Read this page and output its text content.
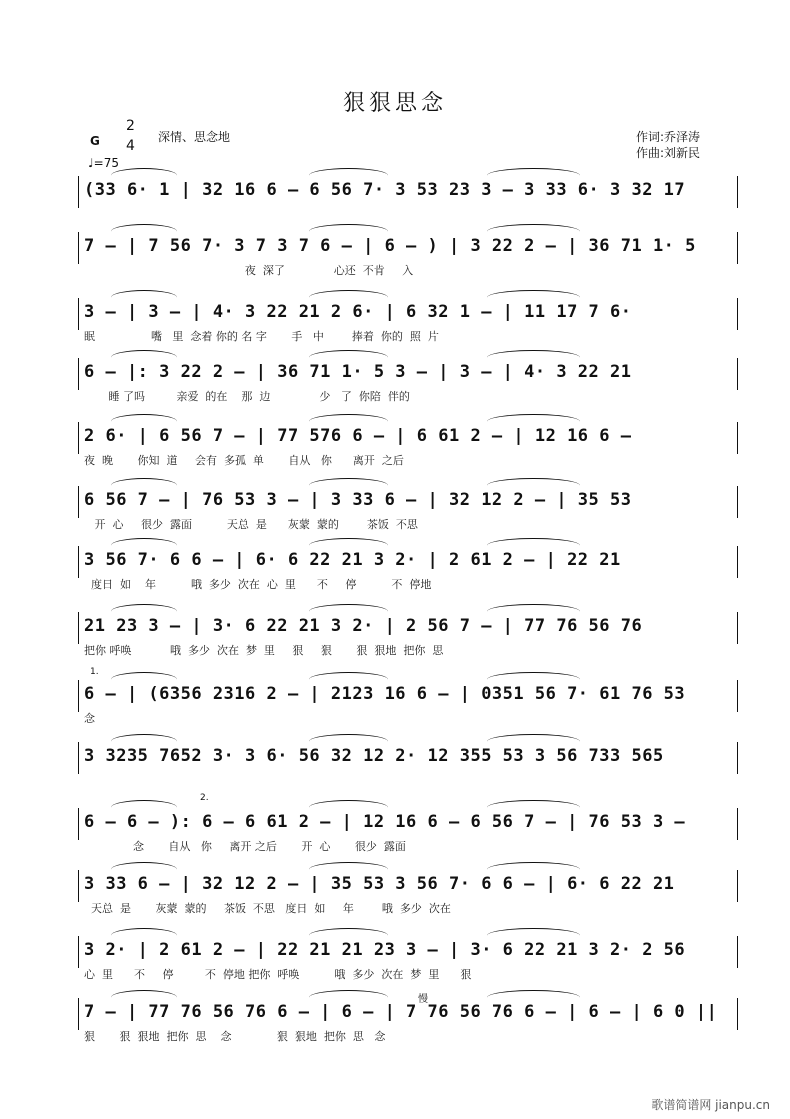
狠狠思念
G
2
4
♩=75
深情、思念地	作词:乔泽涛
作曲:刘新民
(33 6· 1 | 32 16 6 – 6 56 7· 3 53 23 3 – 3 33 6· 3 32 17
7 – | 7 56 7· 3 7 3 7 6 – | 6 – ) | 3 22 2 – | 36 71 1· 5
夜  深了              心还  不肯     入
3 – | 3 – | 4· 3 22 21 2 6· | 6 32 1 – | 11 17 7 6·
眠                嘴   里  念着 你的 名 字       手   中        捧着  你的  照  片
6 – |: 3 22 2 – | 36 71 1· 5 3 – | 3 – | 4· 3 22 21
睡 了吗         亲爱  的在    那  边              少   了  你陪  伴的
2 6· | 6 56 7 – | 77 576 6 – | 6 61 2 – | 12 16 6 –
夜  晚       你知  道     会有  多孤  单       自从   你      离开  之后
6 56 7 – | 76 53 3 – | 3 33 6 – | 32 12 2 – | 35 53
开  心     很少  露面          天总  是      灰蒙  蒙的        茶饭  不思
3 56 7· 6 6 – | 6· 6 22 21 3 2· | 2 61 2 – | 22 21
度日  如    年          哦  多少  次在  心  里      不     停          不  停地
21 23 3 – | 3· 6 22 21 3 2· | 2 56 7 – | 77 76 56 76
把你 呼唤           哦  多少  次在  梦  里     狠     狠       狠  狠地  把你  思
6 – | (6356 2316 2 – | 2123 16 6 – | 0351 56 7· 61 76 53
念
3 3235 7652 3· 3 6· 56 32 12 2· 12 355 53 3 56 733 565
6 – 6 – ): 6 – 6 61 2 – | 12 16 6 – 6 56 7 – | 76 53 3 –
念       自从   你     离开 之后       开  心       很少  露面
3 33 6 – | 32 12 2 – | 35 53 3 56 7· 6 6 – | 6· 6 22 21
天总  是       灰蒙  蒙的     茶饭  不思   度日  如     年        哦  多少  次在
3 2· | 2 61 2 – | 22 21 21 23 3 – | 3· 6 22 21 3 2· 2 56
心  里      不     停         不  停地 把你  呼唤          哦  多少  次在  梦  里      狠
7 – | 77 76 56 76 6 – | 6 – | 7 76 56 76 6 – | 6 – | 6 0 ||
狠       狠  狠地  把你  思    念             狠  狠地  把你  思   念
慢
1.
2.
歌谱简谱网 jianpu.cn
